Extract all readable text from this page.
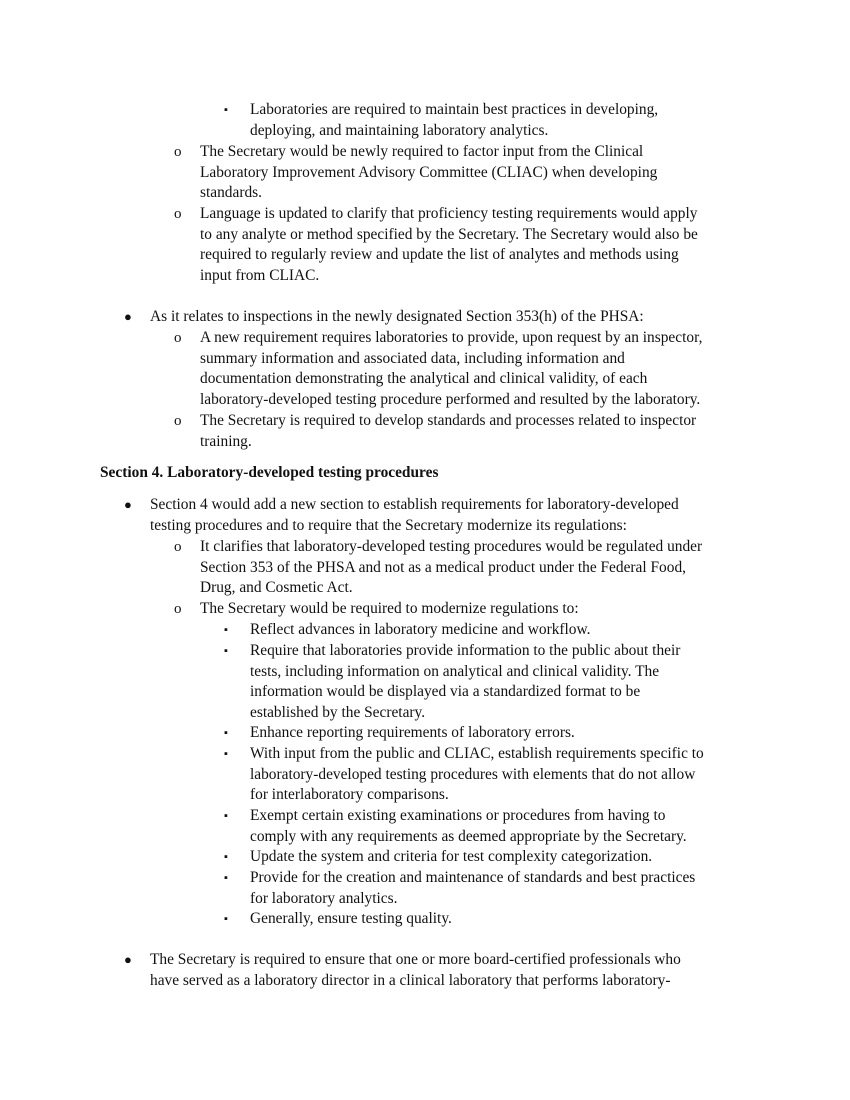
▪ Laboratories are required to maintain best practices in developing,
deploying, and maintaining laboratory analytics.
o The Secretary would be newly required to factor input from the Clinical
Laboratory Improvement Advisory Committee (CLIAC) when developing
standards.
o Language is updated to clarify that proficiency testing requirements would apply
to any analyte or method specified by the Secretary. The Secretary would also be
required to regularly review and update the list of analytes and methods using
input from CLIAC.
● As it relates to inspections in the newly designated Section 353(h) of the PHSA:
o A new requirement requires laboratories to provide, upon request by an inspector,
summary information and associated data, including information and
documentation demonstrating the analytical and clinical validity, of each
laboratory-developed testing procedure performed and resulted by the laboratory.
o The Secretary is required to develop standards and processes related to inspector
training.
Section 4. Laboratory-developed testing procedures
● Section 4 would add a new section to establish requirements for laboratory-developed
testing procedures and to require that the Secretary modernize its regulations:
o It clarifies that laboratory-developed testing procedures would be regulated under
Section 353 of the PHSA and not as a medical product under the Federal Food,
Drug, and Cosmetic Act.
o The Secretary would be required to modernize regulations to:
▪ Reflect advances in laboratory medicine and workflow.
▪ Require that laboratories provide information to the public about their
tests, including information on analytical and clinical validity. The
information would be displayed via a standardized format to be
established by the Secretary.
▪ Enhance reporting requirements of laboratory errors.
▪ With input from the public and CLIAC, establish requirements specific to
laboratory-developed testing procedures with elements that do not allow
for interlaboratory comparisons.
▪ Exempt certain existing examinations or procedures from having to
comply with any requirements as deemed appropriate by the Secretary.
▪ Update the system and criteria for test complexity categorization.
▪ Provide for the creation and maintenance of standards and best practices
for laboratory analytics.
▪ Generally, ensure testing quality.
● The Secretary is required to ensure that one or more board-certified professionals who
have served as a laboratory director in a clinical laboratory that performs laboratory-
